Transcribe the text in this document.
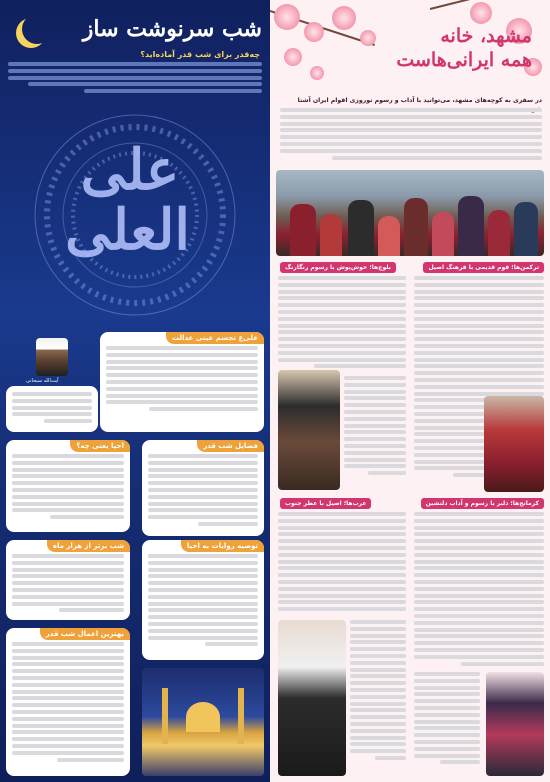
شب سرنوشت ساز
چه‌قدر برای شب قدر آماده‌اید؟
علی العلی
آیت‌الله سبحانی
علی‌ع تجسم عینی عدالت
احیا یعنی چه؟	فضایل شب قدر
شب برتر از هزار ماه	توصیه روایات به احیا
بهترین اعمال شب قدر
مشهد، خانه
همه ایرانی‌هاست
در سفری به کوچه‌های مشهد، می‌توانید با آداب و رسوم نوروزی اقوام ایران آشنا
ترکمن‌ها؛ قوم قدیمی با فرهنگ اصیل
بلوچ‌ها؛ خوش‌پوش با رسوم رنگارنگ
کرمانج‌ها؛ دلبر با رسوم و آداب دلنشین
عرب‌ها؛ اصیل با عطر جنوب
